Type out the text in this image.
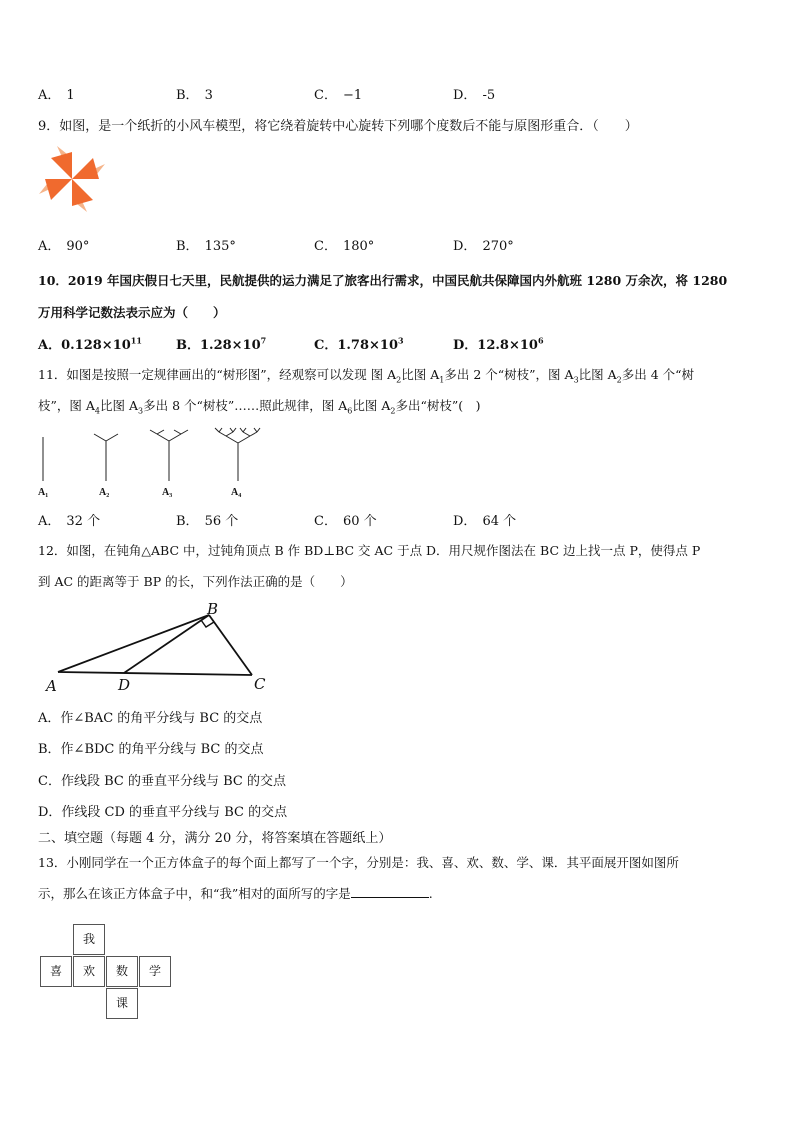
A． 1	B． 3	C． −1	D． -5
9．如图，是一个纸折的小风车模型，将它绕着旋转中心旋转下列哪个度数后不能与原图形重合．（　　）
A． 90°	B． 135°	C． 180°	D． 270°
10．2019 年国庆假日七天里，民航提供的运力满足了旅客出行需求，中国民航共保障国内外航班 1280 万余次，将 1280
万用科学记数法表示应为（　　）
A．$0.128\times 10^{11}$	B．$1.28\times 10^7$	C．$1.78\times 10^3$	D．$12.8\times 10^6$
11．如图是按照一定规律画出的“树形图”，经观察可以发现 图 $A_2$比图 $A_1$多出 2 个“树枝”，图 $A_3$比图 $A_2$多出 4 个“树
枝”，图 $A_4$比图 $A_3$多出 8 个“树枝”……照此规律，图 $A_6$比图 $A_2$多出“树枝”(　)
A₁	A₂	A₃	A₄
A． 32 个	B． 56 个	C． 60 个	D． 64 个
12．如图，在钝角△ABC 中，过钝角顶点 B 作 BD⊥BC 交 AC 于点 D．用尺规作图法在 BC 边上找一点 P，使得点 P
到 AC 的距离等于 BP 的长，下列作法正确的是（　　）
A
B
C
D
A．作∠BAC 的角平分线与 BC 的交点
B．作∠BDC 的角平分线与 BC 的交点
C．作线段 BC 的垂直平分线与 BC 的交点
D．作线段 CD 的垂直平分线与 BC 的交点
二、填空题（每题 4 分，满分 20 分，将答案填在答题纸上）
13．小刚同学在一个正方体盒子的每个面上都写了一个字，分别是：我、喜、欢、数、学、课．其平面展开图如图所
示，那么在该正方体盒子中，和“我”相对的面所写的字是	.
我
喜	欢	数	学
课
